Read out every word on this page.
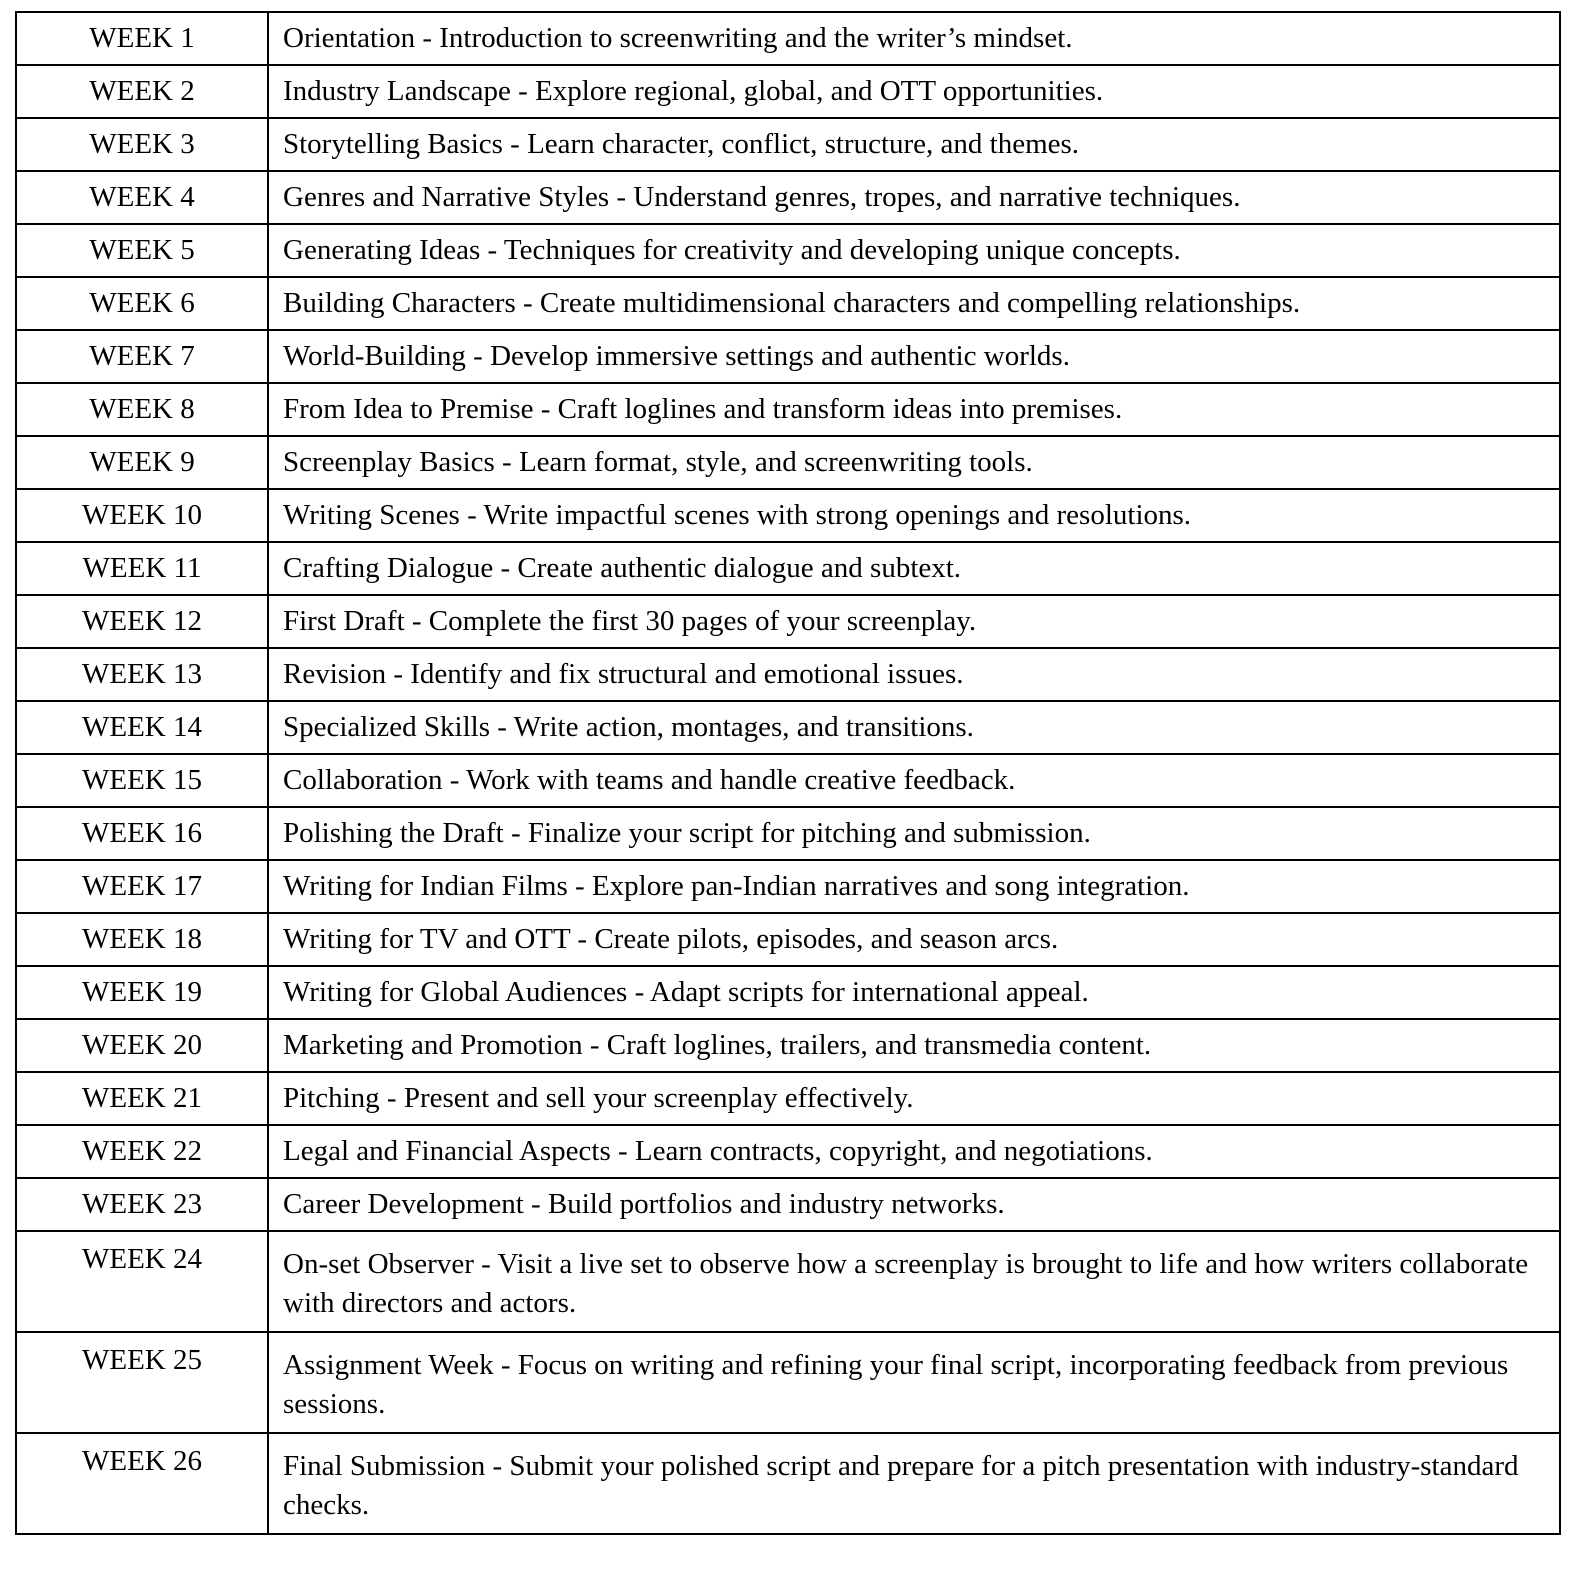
WEEK 1	Orientation - Introduction to screenwriting and the writer’s mindset.
WEEK 2	Industry Landscape - Explore regional, global, and OTT opportunities.
WEEK 3	Storytelling Basics - Learn character, conflict, structure, and themes.
WEEK 4	Genres and Narrative Styles - Understand genres, tropes, and narrative techniques.
WEEK 5	Generating Ideas - Techniques for creativity and developing unique concepts.
WEEK 6	Building Characters - Create multidimensional characters and compelling relationships.
WEEK 7	World-Building - Develop immersive settings and authentic worlds.
WEEK 8	From Idea to Premise - Craft loglines and transform ideas into premises.
WEEK 9	Screenplay Basics - Learn format, style, and screenwriting tools.
WEEK 10	Writing Scenes - Write impactful scenes with strong openings and resolutions.
WEEK 11	Crafting Dialogue - Create authentic dialogue and subtext.
WEEK 12	First Draft - Complete the first 30 pages of your screenplay.
WEEK 13	Revision - Identify and fix structural and emotional issues.
WEEK 14	Specialized Skills - Write action, montages, and transitions.
WEEK 15	Collaboration - Work with teams and handle creative feedback.
WEEK 16	Polishing the Draft - Finalize your script for pitching and submission.
WEEK 17	Writing for Indian Films - Explore pan-Indian narratives and song integration.
WEEK 18	Writing for TV and OTT - Create pilots, episodes, and season arcs.
WEEK 19	Writing for Global Audiences - Adapt scripts for international appeal.
WEEK 20	Marketing and Promotion - Craft loglines, trailers, and transmedia content.
WEEK 21	Pitching - Present and sell your screenplay effectively.
WEEK 22	Legal and Financial Aspects - Learn contracts, copyright, and negotiations.
WEEK 23	Career Development - Build portfolios and industry networks.
WEEK 24	On-set Observer - Visit a live set to observe how a screenplay is brought to life and how writers collaborate with directors and actors.
WEEK 25	Assignment Week - Focus on writing and refining your final script, incorporating feedback from previous sessions.
WEEK 26	Final Submission - Submit your polished script and prepare for a pitch presentation with industry-standard checks.
